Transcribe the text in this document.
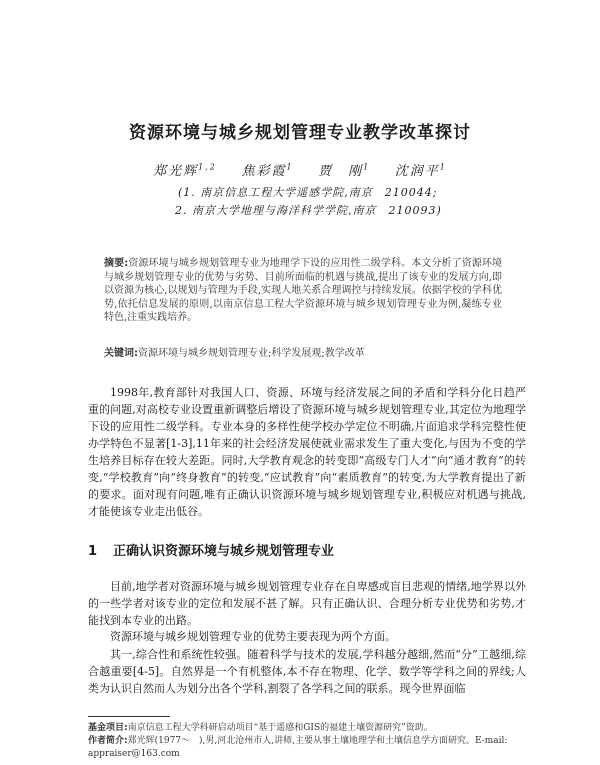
资源环境与城乡规划管理专业教学改革探讨
郑光辉$^{1,2}$ 焦彩霞$^1$ 贾　刚$^1$ 沈润平$^1$
(1. 南京信息工程大学遥感学院,南京　210044;
2. 南京大学地理与海洋科学学院,南京　210093)
摘要:资源环境与城乡规划管理专业为地理学下设的应用性二级学科。本文分析了资源环境与城乡规划管理专业的优势与劣势、目前所面临的机遇与挑战,提出了该专业的发展方向,即以资源为核心,以规划与管理为手段,实现人地关系合理调控与持续发展。依据学校的学科优势,依托信息发展的原则,以南京信息工程大学资源环境与城乡规划管理专业为例,凝练专业特色,注重实践培养。
关键词:资源环境与城乡规划管理专业;科学发展观;教学改革
1998年,教育部针对我国人口、资源、环境与经济发展之间的矛盾和学科分化日趋严重的问题,对高校专业设置重新调整后增设了资源环境与城乡规划管理专业,其定位为地理学下设的应用性二级学科。专业本身的多样性使学校办学定位不明确,片面追求学科完整性使办学特色不显著[1-3],11年来的社会经济发展使就业需求发生了重大变化,与因为不变的学生培养目标存在较大差距。同时,大学教育观念的转变即“高级专门人才”向“通才教育”的转变,“学校教育”向“终身教育”的转变,“应试教育”向“素质教育”的转变,为大学教育提出了新的要求。面对现有问题,唯有正确认识资源环境与城乡规划管理专业,积极应对机遇与挑战,才能使该专业走出低谷。
1 正确认识资源环境与城乡规划管理专业
目前,地学者对资源环境与城乡规划管理专业存在自卑感或盲目悲观的情绪,地学界以外的一些学者对该专业的定位和发展不甚了解。只有正确认识、合理分析专业优势和劣势,才能找到本专业的出路。
资源环境与城乡规划管理专业的优势主要表现为两个方面。
其一,综合性和系统性较强。随着科学与技术的发展,学科越分越细,然而“分”工越细,综合越重要[4-5]。自然界是一个有机整体,本不存在物理、化学、数学等学科之间的界线;人类为认识自然而人为划分出各个学科,割裂了各学科之间的联系。现今世界面临
基金项目:南京信息工程大学科研启动项目“基于遥感和GIS的福建土壤资源研究”资助。
作者简介:郑光辉(1977～　),男,河北沧州市人,讲师,主要从事土壤地理学和土壤信息学方面研究。E-mail: appraiser@163.com
